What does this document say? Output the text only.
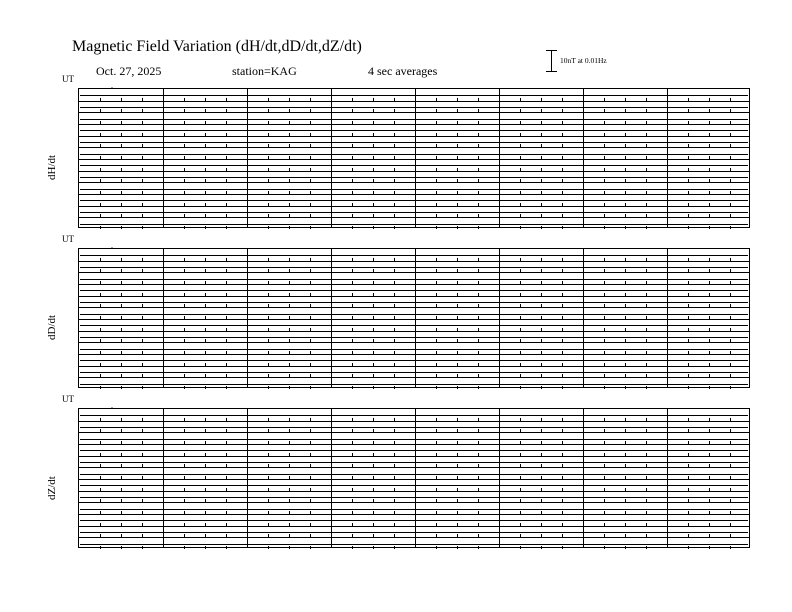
Magnetic Field Variation (dH/dt,dD/dt,dZ/dt)
Oct. 27, 2025	station=KAG	4 sec averages
10nT at 0.01Hz
UT
dH/dt
UT
dD/dt
UT
dZ/dt
